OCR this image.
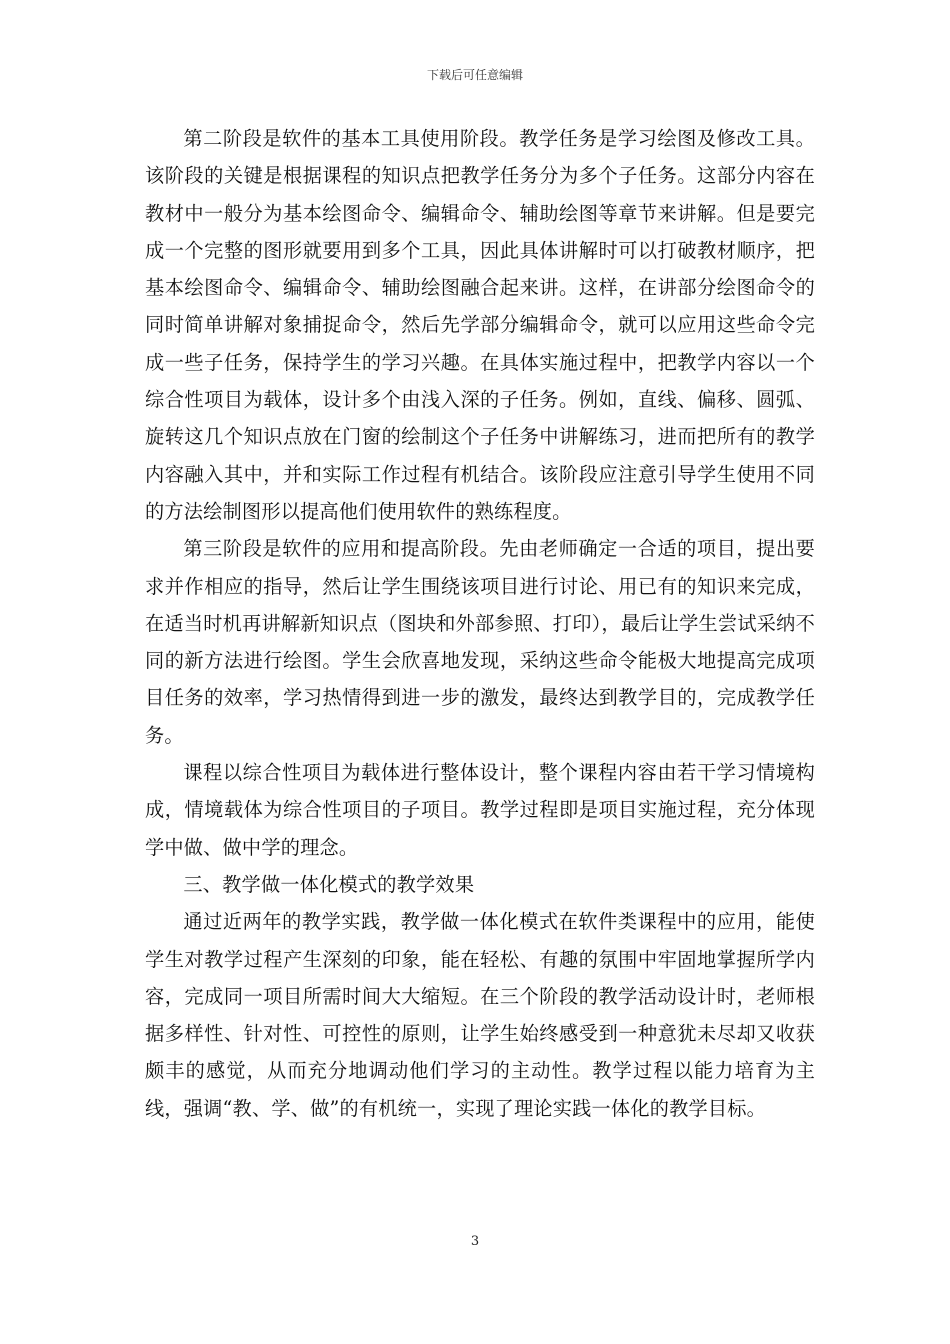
下载后可任意编辑

第二阶段是软件的基本工具使用阶段。教学任务是学习绘图及修改工具。该阶段的关键是根据课程的知识点把教学任务分为多个子任务。这部分内容在教材中一般分为基本绘图命令、编辑命令、辅助绘图等章节来讲解。但是要完成一个完整的图形就要用到多个工具，因此具体讲解时可以打破教材顺序，把基本绘图命令、编辑命令、辅助绘图融合起来讲。这样，在讲部分绘图命令的同时简单讲解对象捕捉命令，然后先学部分编辑命令，就可以应用这些命令完成一些子任务，保持学生的学习兴趣。在具体实施过程中，把教学内容以一个综合性项目为载体，设计多个由浅入深的子任务。例如，直线、偏移、圆弧、旋转这几个知识点放在门窗的绘制这个子任务中讲解练习，进而把所有的教学内容融入其中，并和实际工作过程有机结合。该阶段应注意引导学生使用不同的方法绘制图形以提高他们使用软件的熟练程度。

第三阶段是软件的应用和提高阶段。先由老师确定一合适的项目，提出要求并作相应的指导，然后让学生围绕该项目进行讨论、用已有的知识来完成，在适当时机再讲解新知识点（图块和外部参照、打印），最后让学生尝试采纳不同的新方法进行绘图。学生会欣喜地发现，采纳这些命令能极大地提高完成项目任务的效率，学习热情得到进一步的激发，最终达到教学目的，完成教学任务。

课程以综合性项目为载体进行整体设计，整个课程内容由若干学习情境构成，情境载体为综合性项目的子项目。教学过程即是项目实施过程，充分体现学中做、做中学的理念。

三、教学做一体化模式的教学效果

通过近两年的教学实践，教学做一体化模式在软件类课程中的应用，能使学生对教学过程产生深刻的印象，能在轻松、有趣的氛围中牢固地掌握所学内容，完成同一项目所需时间大大缩短。在三个阶段的教学活动设计时，老师根据多样性、针对性、可控性的原则，让学生始终感受到一种意犹未尽却又收获颇丰的感觉，从而充分地调动他们学习的主动性。教学过程以能力培育为主线，强调“教、学、做”的有机统一，实现了理论实践一体化的教学目标。

3
